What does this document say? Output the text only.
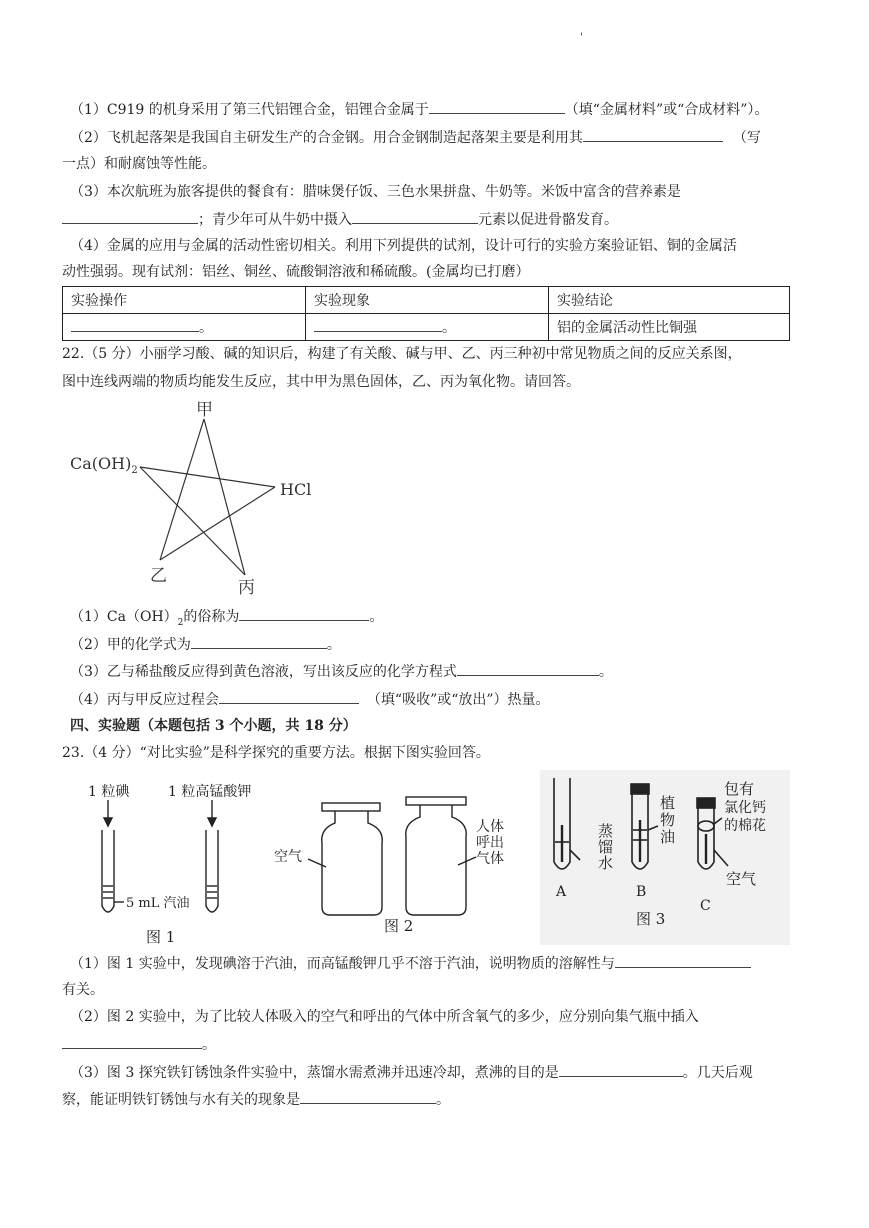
'
（1）C919 的机身采用了第三代铝锂合金，铝锂合金属于	（填“金属材料”或“合成材料”）。
（2）飞机起落架是我国自主研发生产的合金钢。用合金钢制造起落架主要是利用其	（写
一点）和耐腐蚀等性能。
（3）本次航班为旅客提供的餐食有：腊味煲仔饭、三色水果拼盘、牛奶等。米饭中富含的营养素是
；青少年可从牛奶中摄入	元素以促进骨骼发育。
（4）金属的应用与金属的活动性密切相关。利用下列提供的试剂，设计可行的实验方案验证铝、铜的金属活
动性强弱。现有试剂：铝丝、铜丝、硫酸铜溶液和稀硫酸。(金属均已打磨）
实验操作	实验现象	实验结论
。	。	铝的金属活动性比铜强
22.（5 分）小丽学习酸、碱的知识后，构建了有关酸、碱与甲、乙、丙三种初中常见物质之间的反应关系图，
图中连线两端的物质均能发生反应，其中甲为黑色固体，乙、丙为氧化物。请回答。
甲
$Ca(OH)_2$
HCl
乙
丙
$(1)Ca(OH)_2$的俗称为	。
（2）甲的化学式为	。
（3）乙与稀盐酸反应得到黄色溶液，写出该反应的化学方程式	。
（4）丙与甲反应过程会	（填“吸收”或“放出”）热量。
四、实验题（本题包括 3 个小题，共 18 分）
23.（4 分）“对比实验”是科学探究的重要方法。根据下图实验回答。
1 粒碘	1 粒高锰酸钾
5 mL 汽油
图 1
空气
人体
呼出
气体
图 2
蒸
馏
水
植
物
油
包有
氯化钙
的棉花
空气
A	B
C
图 3
（1）图 1 实验中，发现碘溶于汽油，而高锰酸钾几乎不溶于汽油，说明物质的溶解性与
有关。
（2）图 2 实验中，为了比较人体吸入的空气和呼出的气体中所含氧气的多少，应分别向集气瓶中插入
。
（3）图 3 探究铁钉锈蚀条件实验中，蒸馏水需煮沸并迅速冷却，煮沸的目的是	。几天后观
察，能证明铁钉锈蚀与水有关的现象是	。
